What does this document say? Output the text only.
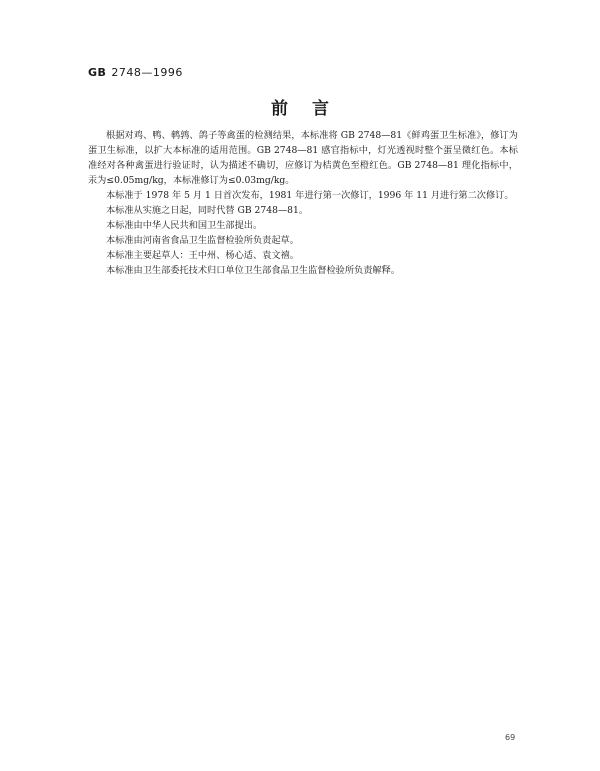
GB 2748—1996
前言

根据对鸡、鸭、鹌鹑、鸽子等禽蛋的检测结果，本标准将 GB 2748—81《鲜鸡蛋卫生标准》，修订为蛋卫生标准，以扩大本标准的适用范围。GB 2748—81 感官指标中，灯光透视时整个蛋呈微红色。本标准经对各种禽蛋进行验证时，认为描述不确切，应修订为桔黄色至橙红色。GB 2748—81 理化指标中，汞为≤0.05mg/kg，本标准修订为≤0.03mg/kg。

本标准于 1978 年 5 月 1 日首次发布，1981 年进行第一次修订，1996 年 11 月进行第二次修订。

本标准从实施之日起，同时代替 GB 2748—81。

本标准由中华人民共和国卫生部提出。

本标准由河南省食品卫生监督检验所负责起草。

本标准主要起草人：王中州、杨心适、袁文禧。

本标准由卫生部委托技术归口单位卫生部食品卫生监督检验所负责解释。

69
